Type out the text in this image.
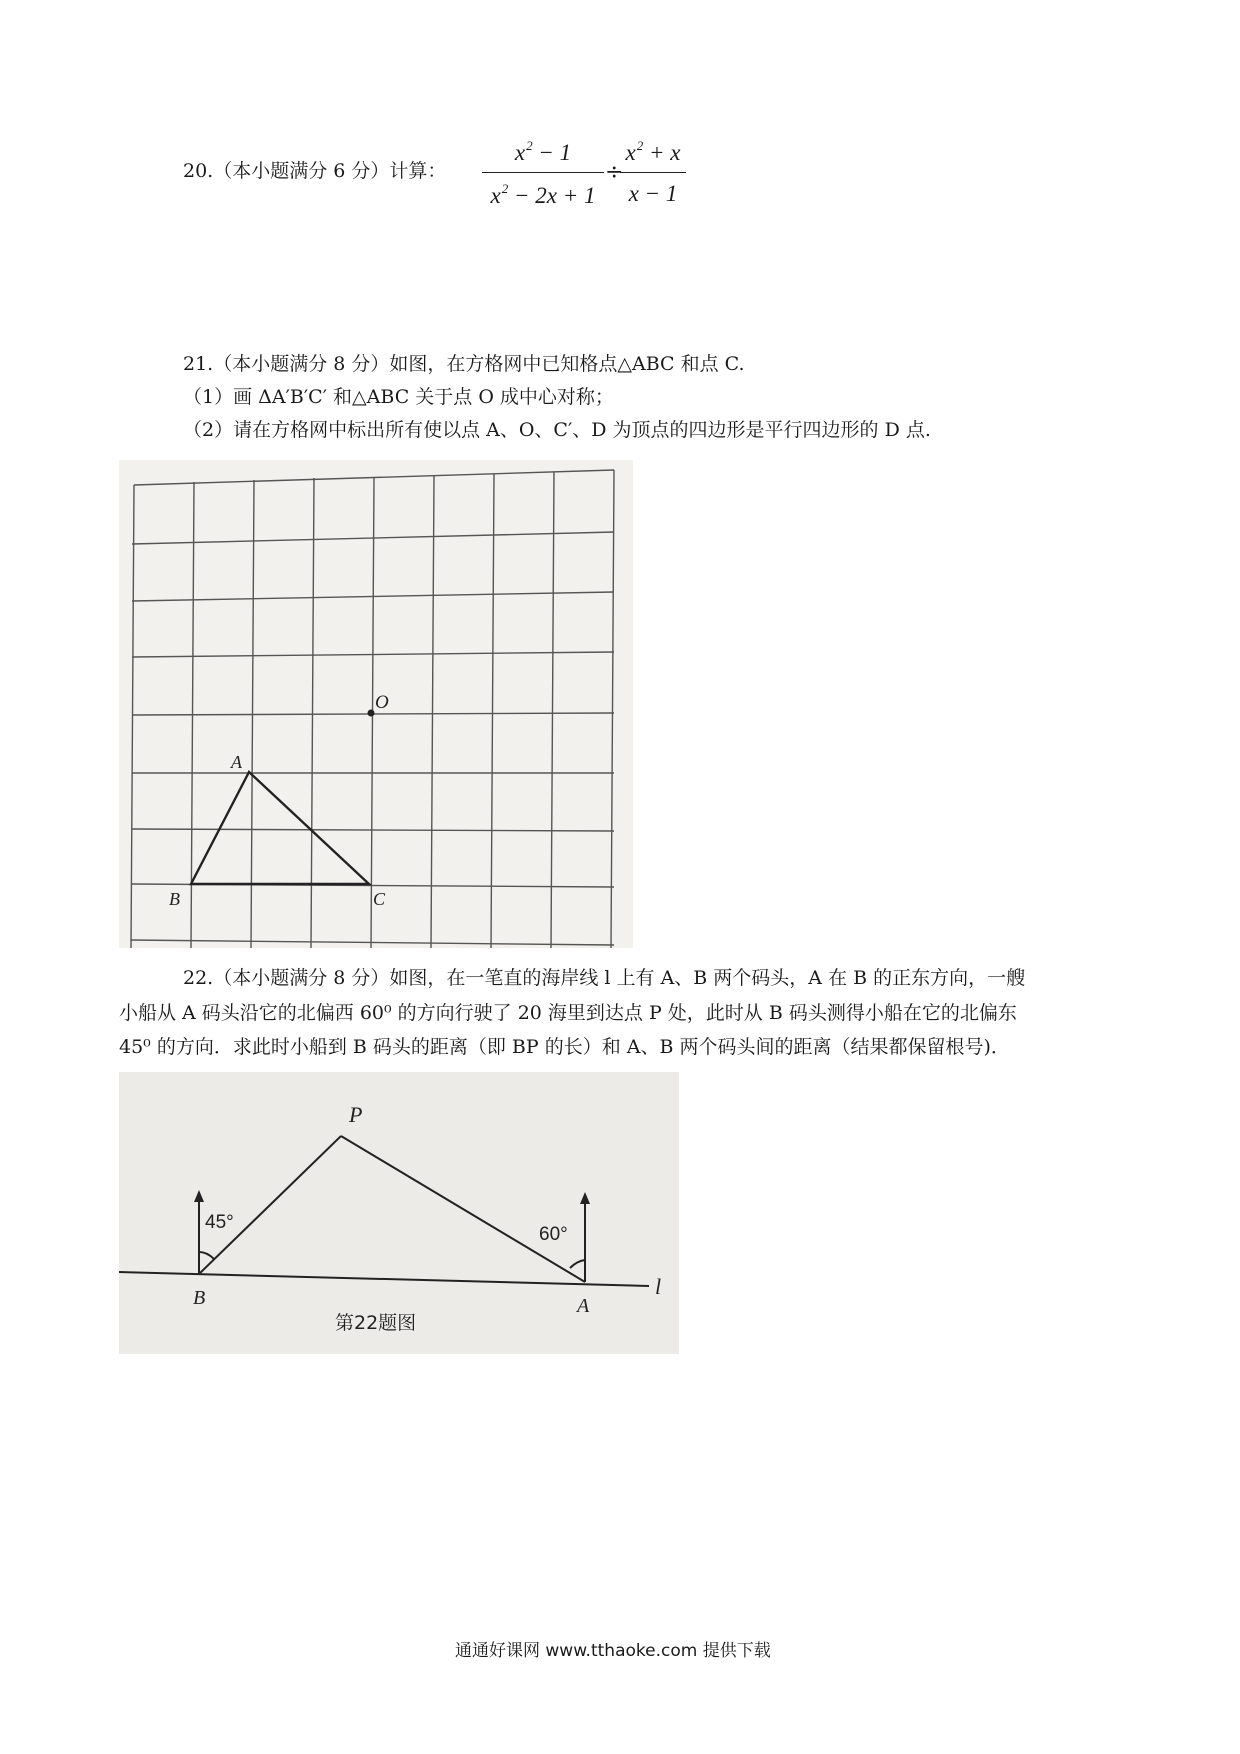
20.（本小题满分 6 分）计算：
$x^2 - 1$
$x^2 - 2x + 1$
÷
$x^2 + x$
x − 1
21.（本小题满分 8 分）如图，在方格网中已知格点△ABC 和点 C.
（1）画 ΔA′B′C′ 和△ABC 关于点 O 成中心对称；
（2）请在方格网中标出所有使以点 A、O、C′、D 为顶点的四边形是平行四边形的 D 点.
O
A
B	C
22.（本小题满分 8 分）如图，在一笔直的海岸线 l 上有 A、B 两个码头，A 在 B 的正东方向，一艘
小船从 A 码头沿它的北偏西 60⁰ 的方向行驶了 20 海里到达点 P 处，此时从 B 码头测得小船在它的北偏东
45⁰ 的方向．求此时小船到 B 码头的距离（即 BP 的长）和 A、B 两个码头间的距离（结果都保留根号)．
P
B	A
l
45°
60°
第22题图
通通好课网 www.tthaoke.com 提供下载
